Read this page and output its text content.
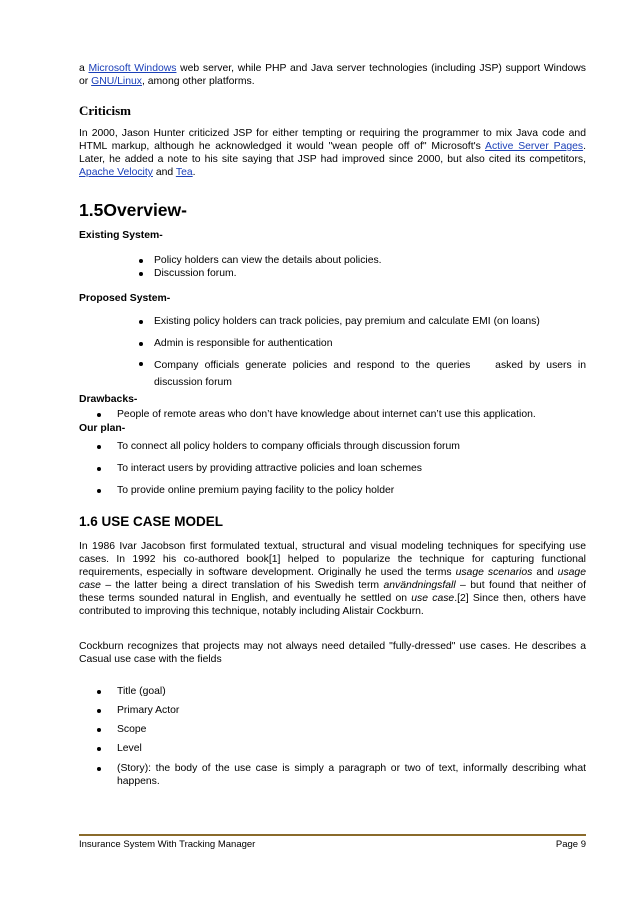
a Microsoft Windows web server, while PHP and Java server technologies (including JSP) support Windows or GNU/Linux, among other platforms.
Criticism
In 2000, Jason Hunter criticized JSP for either tempting or requiring the programmer to mix Java code and HTML markup, although he acknowledged it would "wean people off of" Microsoft's Active Server Pages. Later, he added a note to his site saying that JSP had improved since 2000, but also cited its competitors, Apache Velocity and Tea.
1.5Overview-
Existing System-
Policy holders can view the details about policies.
Discussion forum.
Proposed System-
Existing policy holders can track policies, pay premium and calculate EMI (on loans)
Admin is responsible for authentication
Company officials generate policies and respond to the queries    asked by users in discussion forum
Drawbacks-
People of remote areas who don’t have knowledge about internet can’t use this application.
Our plan-
To connect all policy holders to company officials through discussion forum
To interact users by providing attractive policies and loan schemes
To provide online premium paying facility to the policy holder
1.6 USE CASE MODEL
In 1986 Ivar Jacobson first formulated textual, structural and visual modeling techniques for specifying use cases. In 1992 his co-authored book[1] helped to popularize the technique for capturing functional requirements, especially in software development. Originally he used the terms usage scenarios and usage case – the latter being a direct translation of his Swedish term användningsfall – but found that neither of these terms sounded natural in English, and eventually he settled on use case.[2] Since then, others have contributed to improving this technique, notably including Alistair Cockburn.
Cockburn recognizes that projects may not always need detailed "fully-dressed" use cases. He describes a Casual use case with the fields
Title (goal)
Primary Actor
Scope
Level
(Story): the body of the use case is simply a paragraph or two of text, informally describing what happens.
Insurance System With Tracking Manager	Page 9
